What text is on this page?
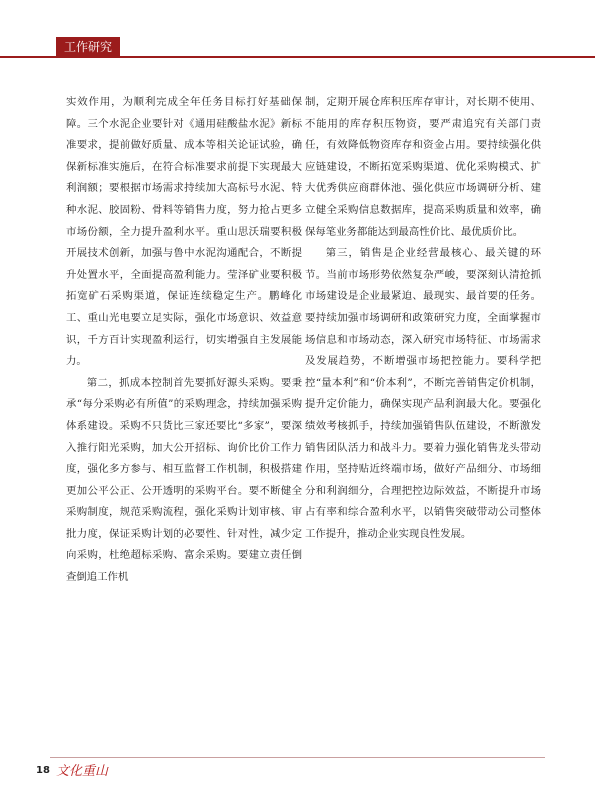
工作研究

实效作用，为顺利完成全年任务目标打好基础保障。三个水泥企业要针对《通用硅酸盐水泥》新标准要求，提前做好质量、成本等相关论证试验，确保新标准实施后，在符合标准要求前提下实现最大利润额；要根据市场需求持续加大高标号水泥、特种水泥、胶固粉、骨料等销售力度，努力抢占更多市场份额，全力提升盈利水平。重山思沃瑞要积极开展技术创新，加强与鲁中水泥沟通配合，不断提升处置水平，全面提高盈利能力。莹泽矿业要积极拓宽矿石采购渠道，保证连续稳定生产。鹏峰化工、重山光电要立足实际，强化市场意识、效益意识，千方百计实现盈利运行，切实增强自主发展能力。

第二，抓成本控制首先要抓好源头采购。要秉承“每分采购必有所值”的采购理念，持续加强采购体系建设。采购不只货比三家还要比“多家”，要深入推行阳光采购，加大公开招标、询价比价工作力度，强化多方参与、相互监督工作机制，积极搭建更加公平公正、公开透明的采购平台。要不断健全采购制度，规范采购流程，强化采购计划审核、审批力度，保证采购计划的必要性、针对性，减少定向采购，杜绝超标采购、富余采购。要建立责任倒查倒追工作机

制，定期开展仓库积压库存审计，对长期不使用、不能用的库存积压物资，要严肃追究有关部门责任，有效降低物资库存和资金占用。要持续强化供应链建设，不断拓宽采购渠道、优化采购模式、扩大优秀供应商群体池、强化供应市场调研分析、建立健全采购信息数据库，提高采购质量和效率，确保每笔业务都能达到最高性价比、最优质价比。

第三，销售是企业经营最核心、最关键的环节。当前市场形势依然复杂严峻，要深刻认清抢抓市场建设是企业最紧迫、最现实、最首要的任务。要持续加强市场调研和政策研究力度，全面掌握市场信息和市场动态，深入研究市场特征、市场需求及发展趋势，不断增强市场把控能力。要科学把控“量本利”和“价本利”，不断完善销售定价机制，提升定价能力，确保实现产品利润最大化。要强化绩效考核抓手，持续加强销售队伍建设，不断激发销售团队活力和战斗力。要着力强化销售龙头带动作用，坚持贴近终端市场，做好产品细分、市场细分和利润细分，合理把控边际效益，不断提升市场占有率和综合盈利水平，以销售突破带动公司整体工作提升，推动企业实现良性发展。

18 文化重山
